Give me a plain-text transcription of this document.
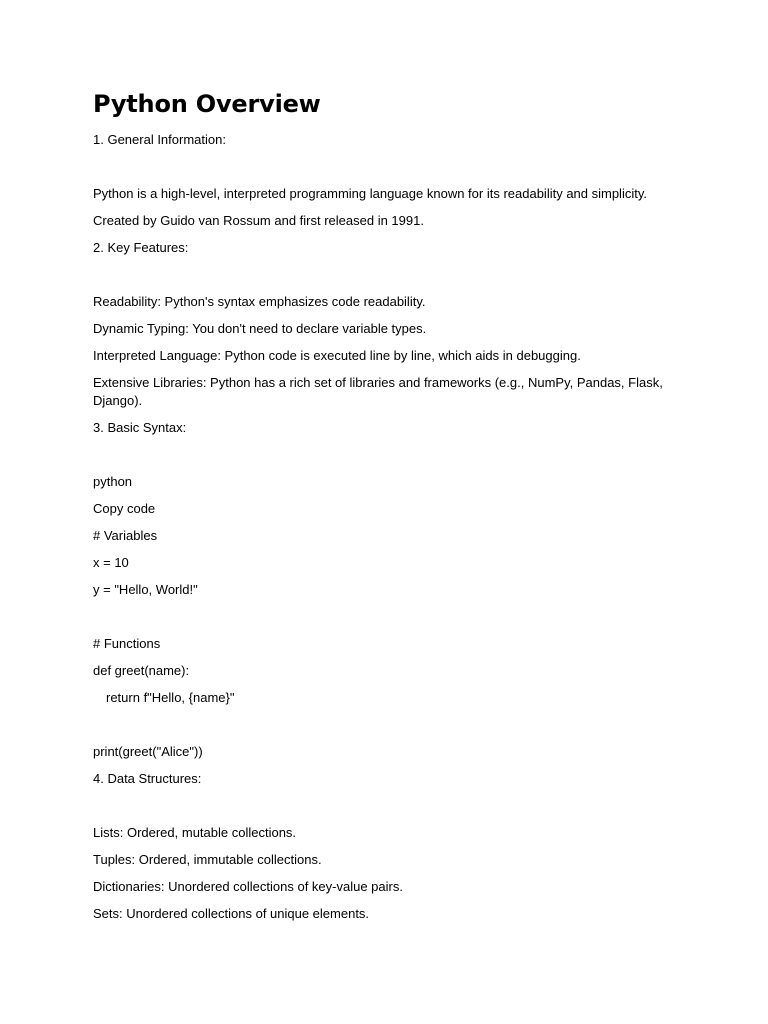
Python Overview

1. General Information:

Python is a high-level, interpreted programming language known for its readability and simplicity.

Created by Guido van Rossum and first released in 1991.

2. Key Features:

Readability: Python's syntax emphasizes code readability.

Dynamic Typing: You don't need to declare variable types.

Interpreted Language: Python code is executed line by line, which aids in debugging.

Extensive Libraries: Python has a rich set of libraries and frameworks (e.g., NumPy, Pandas, Flask, Django).

3. Basic Syntax:

python

Copy code

# Variables

x = 10

y = "Hello, World!"

# Functions

def greet(name):

return f"Hello, {name}"

print(greet("Alice"))

4. Data Structures:

Lists: Ordered, mutable collections.

Tuples: Ordered, immutable collections.

Dictionaries: Unordered collections of key-value pairs.

Sets: Unordered collections of unique elements.
